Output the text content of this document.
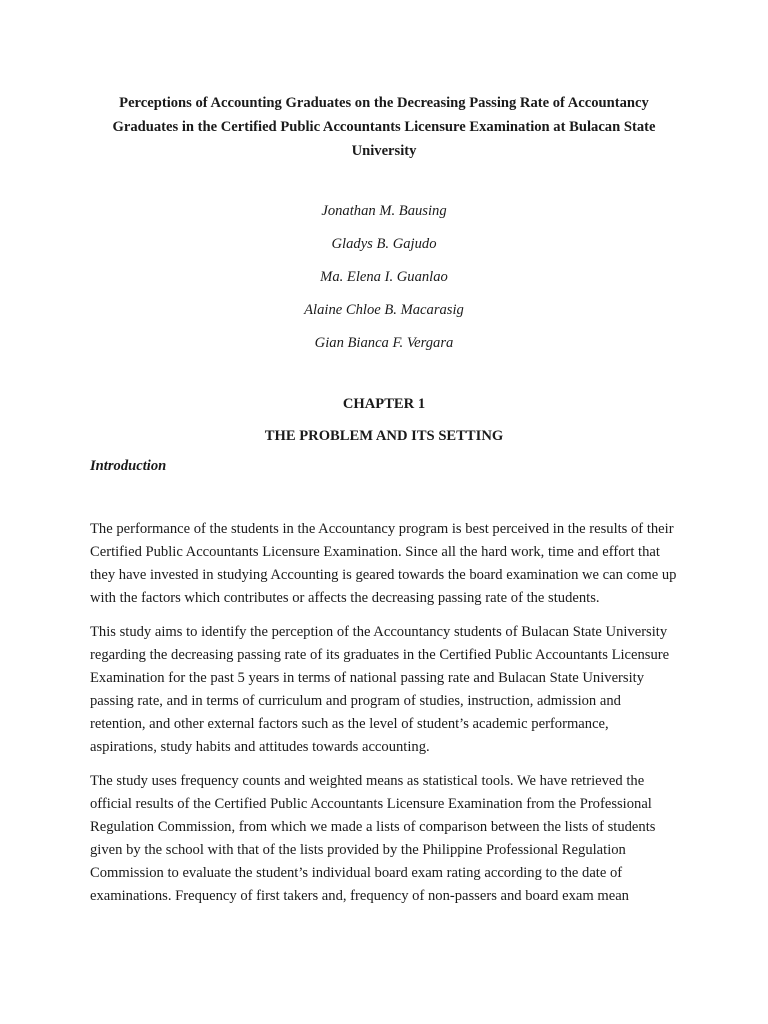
Perceptions of Accounting Graduates on the Decreasing Passing Rate of Accountancy Graduates in the Certified Public Accountants Licensure Examination at Bulacan State University
Jonathan M. Bausing
Gladys B. Gajudo
Ma. Elena I. Guanlao
Alaine Chloe B. Macarasig
Gian Bianca F. Vergara
CHAPTER 1
THE PROBLEM AND ITS SETTING
Introduction

The performance of the students in the Accountancy program is best perceived in the results of their Certified Public Accountants Licensure Examination. Since all the hard work, time and effort that they have invested in studying Accounting is geared towards the board examination we can come up with the factors which contributes or affects the decreasing passing rate of the students.

This study aims to identify the perception of the Accountancy students of Bulacan State University regarding the decreasing passing rate of its graduates in the Certified Public Accountants Licensure Examination for the past 5 years in terms of national passing rate and Bulacan State University passing rate, and in terms of curriculum and program of studies, instruction, admission and retention, and other external factors such as the level of student’s academic performance, aspirations, study habits and attitudes towards accounting.

The study uses frequency counts and weighted means as statistical tools. We have retrieved the official results of the Certified Public Accountants Licensure Examination from the Professional Regulation Commission, from which we made a lists of comparison between the lists of students given by the school with that of the lists provided by the Philippine Professional Regulation Commission to evaluate the student’s individual board exam rating according to the date of examinations. Frequency of first takers and, frequency of non-passers and board exam mean
